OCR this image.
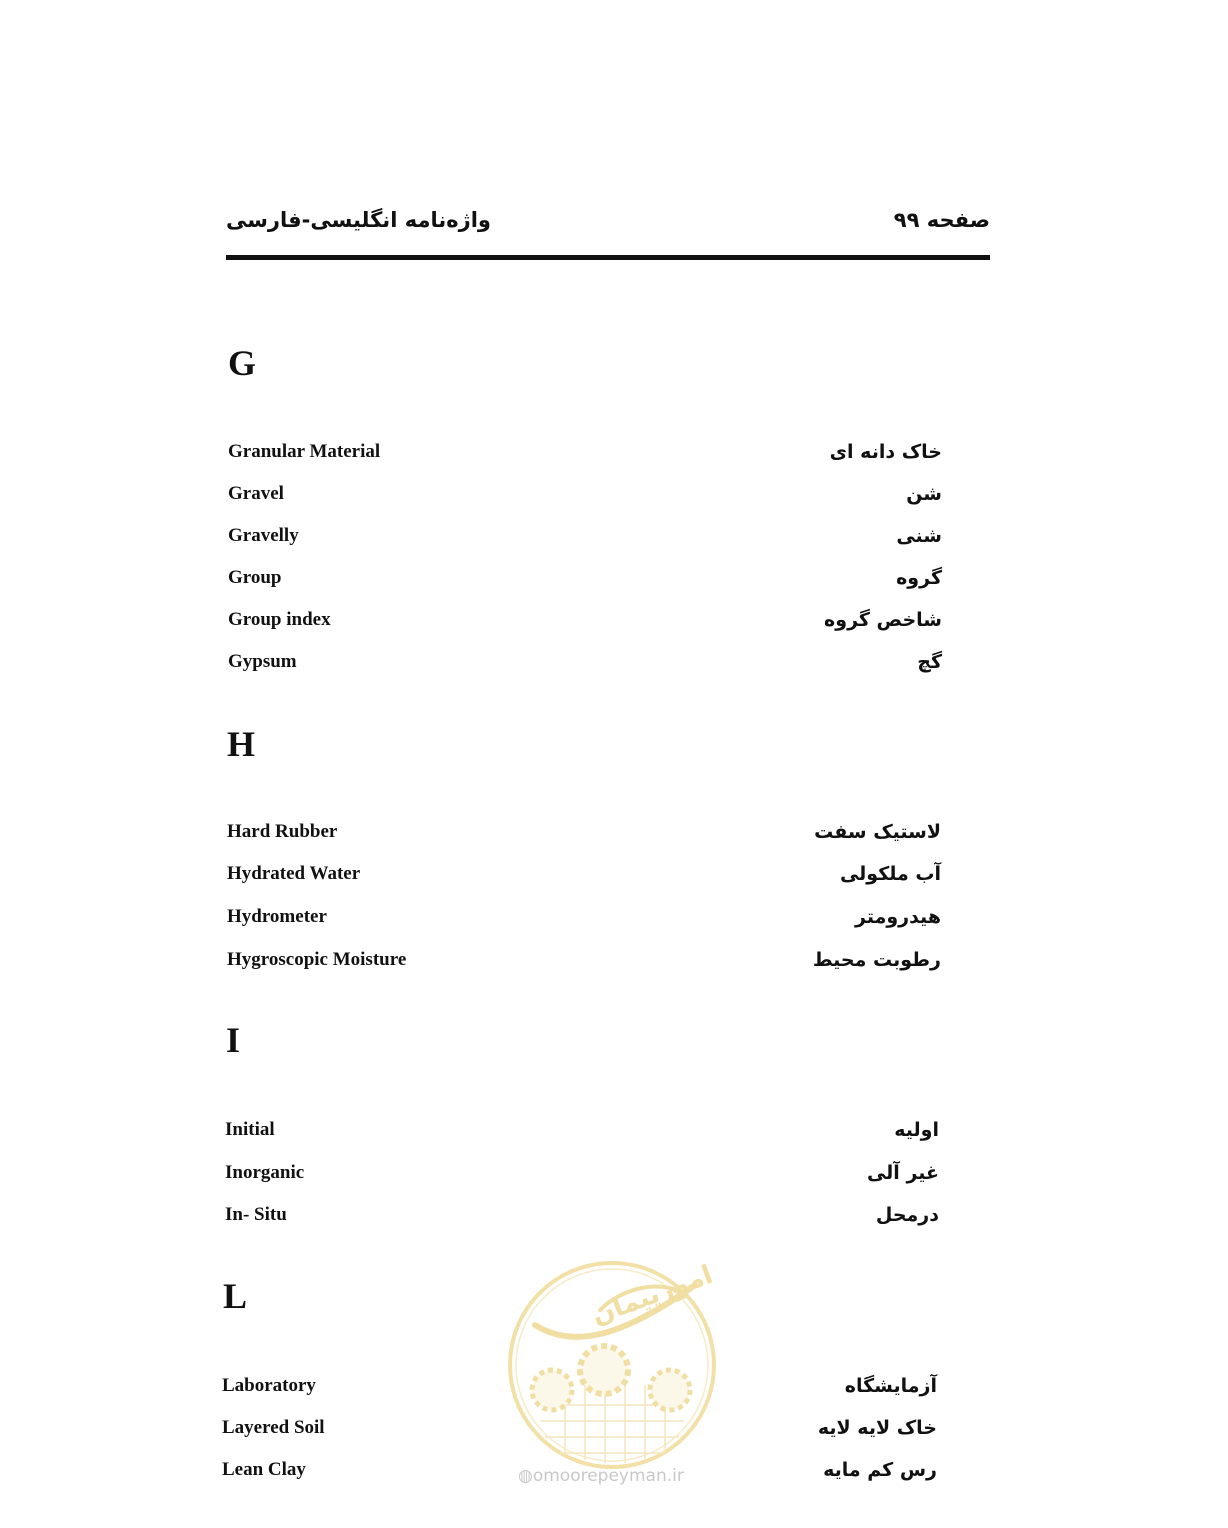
واژه‌نامه انگلیسی-فارسی	صفحه ۹۹
G
Granular Material	خاک دانه ای
Gravel	شن
Gravelly	شنی
Group	گروه
Group index	شاخص گروه
Gypsum	گچ
H
Hard Rubber	لاستیک سفت
Hydrated Water	آب ملکولی
Hydrometer	هیدرومتر
Hygroscopic Moisture	رطوبت محیط
I
Initial	اولیه
Inorganic	غیر آلی
In- Situ	درمحل
L
Laboratory	آزمایشگاه
Layered Soil	خاک لایه لایه
Lean Clay	رس کم مایه
امورپیمان
◍omoorepeyman.ir
